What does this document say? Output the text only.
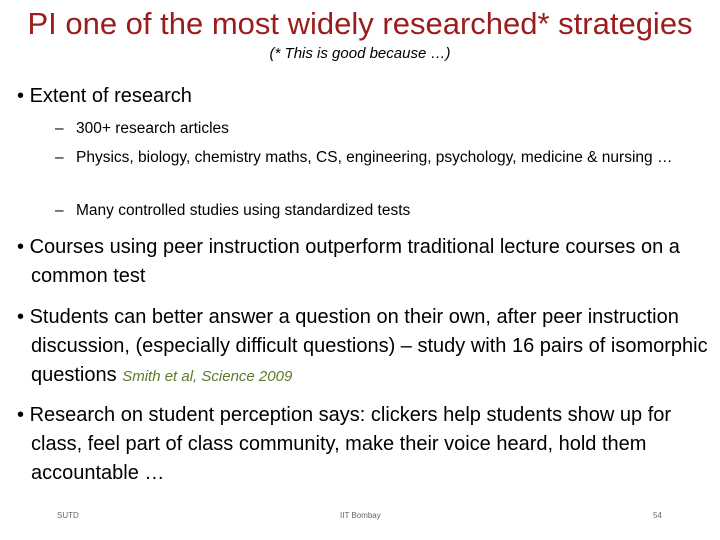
PI one of the most widely researched* strategies
(* This is good because …)
• Extent of research
– 300+ research articles
– Physics, biology, chemistry maths, CS, engineering, psychology, medicine & nursing …
– Many controlled studies using standardized tests
• Courses using peer instruction outperform traditional lecture courses on a common test
• Students can better answer a question on their own, after peer instruction discussion, (especially difficult questions) – study with 16 pairs of isomorphic questions Smith et al, Science 2009
• Research on student perception says: clickers help students show up for class, feel part of class community, make their voice heard, hold them accountable …
SUTD	IIT Bombay	54
